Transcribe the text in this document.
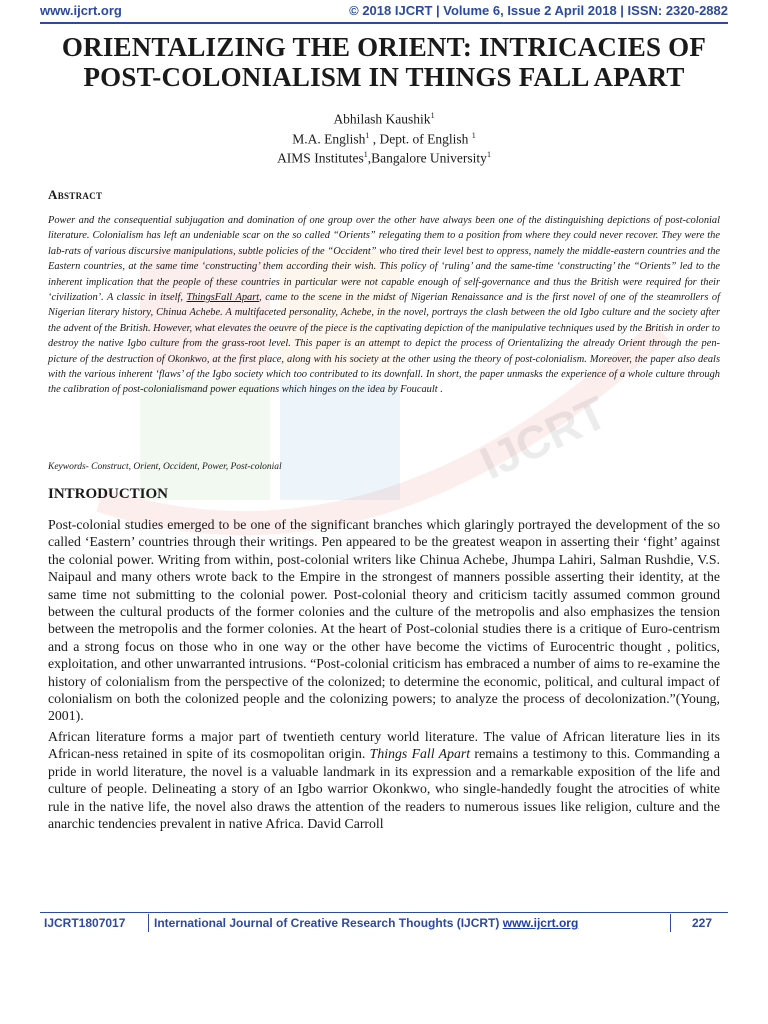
www.ijcrt.org	© 2018 IJCRT | Volume 6, Issue 2 April 2018 | ISSN: 2320-2882
IJCRT
ORIENTALIZING THE ORIENT: INTRICACIES OF
POST-COLONIALISM IN THINGS FALL APART
Abhilash Kaushik$^1$
M.A. English$^1$ , Dept. of English $^1$
AIMS Institutes$^1$,Bangalore University$^1$
Abstract
Power and the consequential subjugation and domination of one group over the other have always been one of the distinguishing depictions of post-colonial literature. Colonialism has left an undeniable scar on the so called “Orients” relegating them to a position from where they could never recover. They were the lab-rats of various discursive manipulations, subtle policies of the “Occident” who tired their level best to oppress, namely the middle-eastern countries and the Eastern countries, at the same time ‘constructing’ them according their wish. This policy of ‘ruling’ and the same-time ‘constructing’ the “Orients” led to the inherent implication that the people of these countries in particular were not capable enough of self-governance and thus the British were required for their ‘civilization’. A classic in itself, ThingsFall Apart, came to the scene in the midst of Nigerian Renaissance and is the first novel of one of the steamrollers of Nigerian literary history, Chinua Achebe. A multifaceted personality, Achebe, in the novel, portrays the clash between the old Igbo culture and the society after the advent of the British. However, what elevates the oeuvre of the piece is the captivating depiction of the manipulative techniques used by the British in order to destroy the native Igbo culture from the grass-root level. This paper is an attempt to depict the process of Orientalizing the already Orient through the pen-picture of the destruction of Okonkwo, at the first place, along with his society at the other using the theory of post-colonialism. Moreover, the paper also deals with the various inherent ‘flaws’ of the Igbo society which too contributed to its downfall. In short, the paper unmasks the experience of a whole culture through the calibration of post-colonialismand power equations which hinges on the idea by Foucault .
Keywords- Construct, Orient, Occident, Power, Post-colonial
INTRODUCTION
Post-colonial studies emerged to be one of the significant branches which glaringly portrayed the development of the so called ‘Eastern’ countries through their writings. Pen appeared to be the greatest weapon in asserting their ‘fight’ against the colonial power. Writing from within, post-colonial writers like Chinua Achebe, Jhumpa Lahiri, Salman Rushdie, V.S. Naipaul and many others wrote back to the Empire in the strongest of manners possible asserting their identity, at the same time not submitting to the colonial power. Post-colonial theory and criticism tacitly assumed common ground between the cultural products of the former colonies and the culture of the metropolis and also emphasizes the tension between the metropolis and the former colonies. At the heart of Post-colonial studies there is a critique of Euro-centrism and a strong focus on those who in one way or the other have become the victims of Eurocentric thought , politics, exploitation, and other unwarranted intrusions. “Post-colonial criticism has embraced a number of aims to re-examine the history of colonialism from the perspective of the colonized; to determine the economic, political, and cultural impact of colonialism on both the colonized people and the colonizing powers; to analyze the process of decolonization.”(Young, 2001).
African literature forms a major part of twentieth century world literature. The value of African literature lies in its African-ness retained in spite of its cosmopolitan origin. Things Fall Apart remains a testimony to this. Commanding a pride in world literature, the novel is a valuable landmark in its expression and a remarkable exposition of the life and culture of people. Delineating a story of an Igbo warrior Okonkwo, who single-handedly fought the atrocities of white rule in the native life, the novel also draws the attention of the readers to numerous issues like religion, culture and the anarchic tendencies prevalent in native Africa. David Carroll
IJCRT1807017 International Journal of Creative Research Thoughts (IJCRT) www.ijcrt.org	227
